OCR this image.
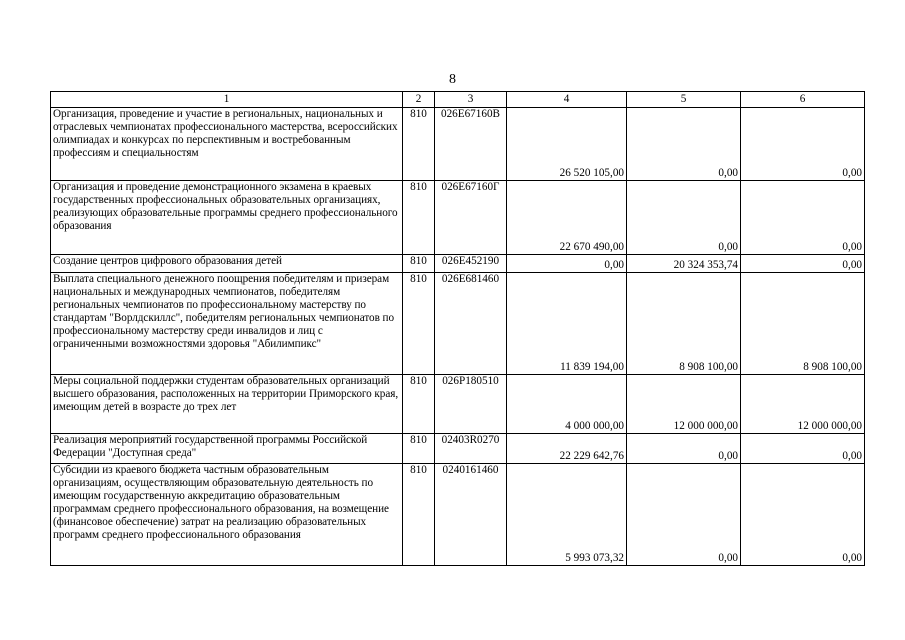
8
1	2	3	4	5	6
Организация, проведение и участие в региональных, национальных и отраслевых чемпионатах профессионального мастерства, всероссийских олимпиадах и конкурсах по перспективным и востребованным профессиям и специальностям	810	026E67160B	26 520 105,00	0,00	0,00
Организация и проведение демонстрационного экзамена в краевых государственных профессиональных образовательных организациях, реализующих образовательные программы среднего профессионального образования	810	026E67160Г	22 670 490,00	0,00	0,00
Создание центров цифрового образования детей	810	026E452190	0,00	20 324 353,74	0,00
Выплата специального денежного поощрения победителям и призерам национальных и международных чемпионатов, победителям региональных чемпионатов по профессиональному мастерству по стандартам "Ворлдскиллс", победителям региональных чемпионатов по профессиональному мастерству среди инвалидов и лиц с ограниченными возможностями здоровья "Абилимпикс"	810	026E681460	11 839 194,00	8 908 100,00	8 908 100,00
Меры социальной поддержки студентам образовательных организаций высшего образования, расположенных на территории Приморского края, имеющим детей в возрасте до трех лет	810	026P180510	4 000 000,00	12 000 000,00	12 000 000,00
Реализация мероприятий государственной программы Российской Федерации "Доступная среда"	810	02403R0270	22 229 642,76	0,00	0,00
Субсидии из краевого бюджета частным образовательным организациям, осуществляющим образовательную деятельность по имеющим государственную аккредитацию образовательным программам среднего профессионального образования, на возмещение (финансовое обеспечение) затрат на реализацию образовательных программ среднего профессионального образования	810	0240161460	5 993 073,32	0,00	0,00
